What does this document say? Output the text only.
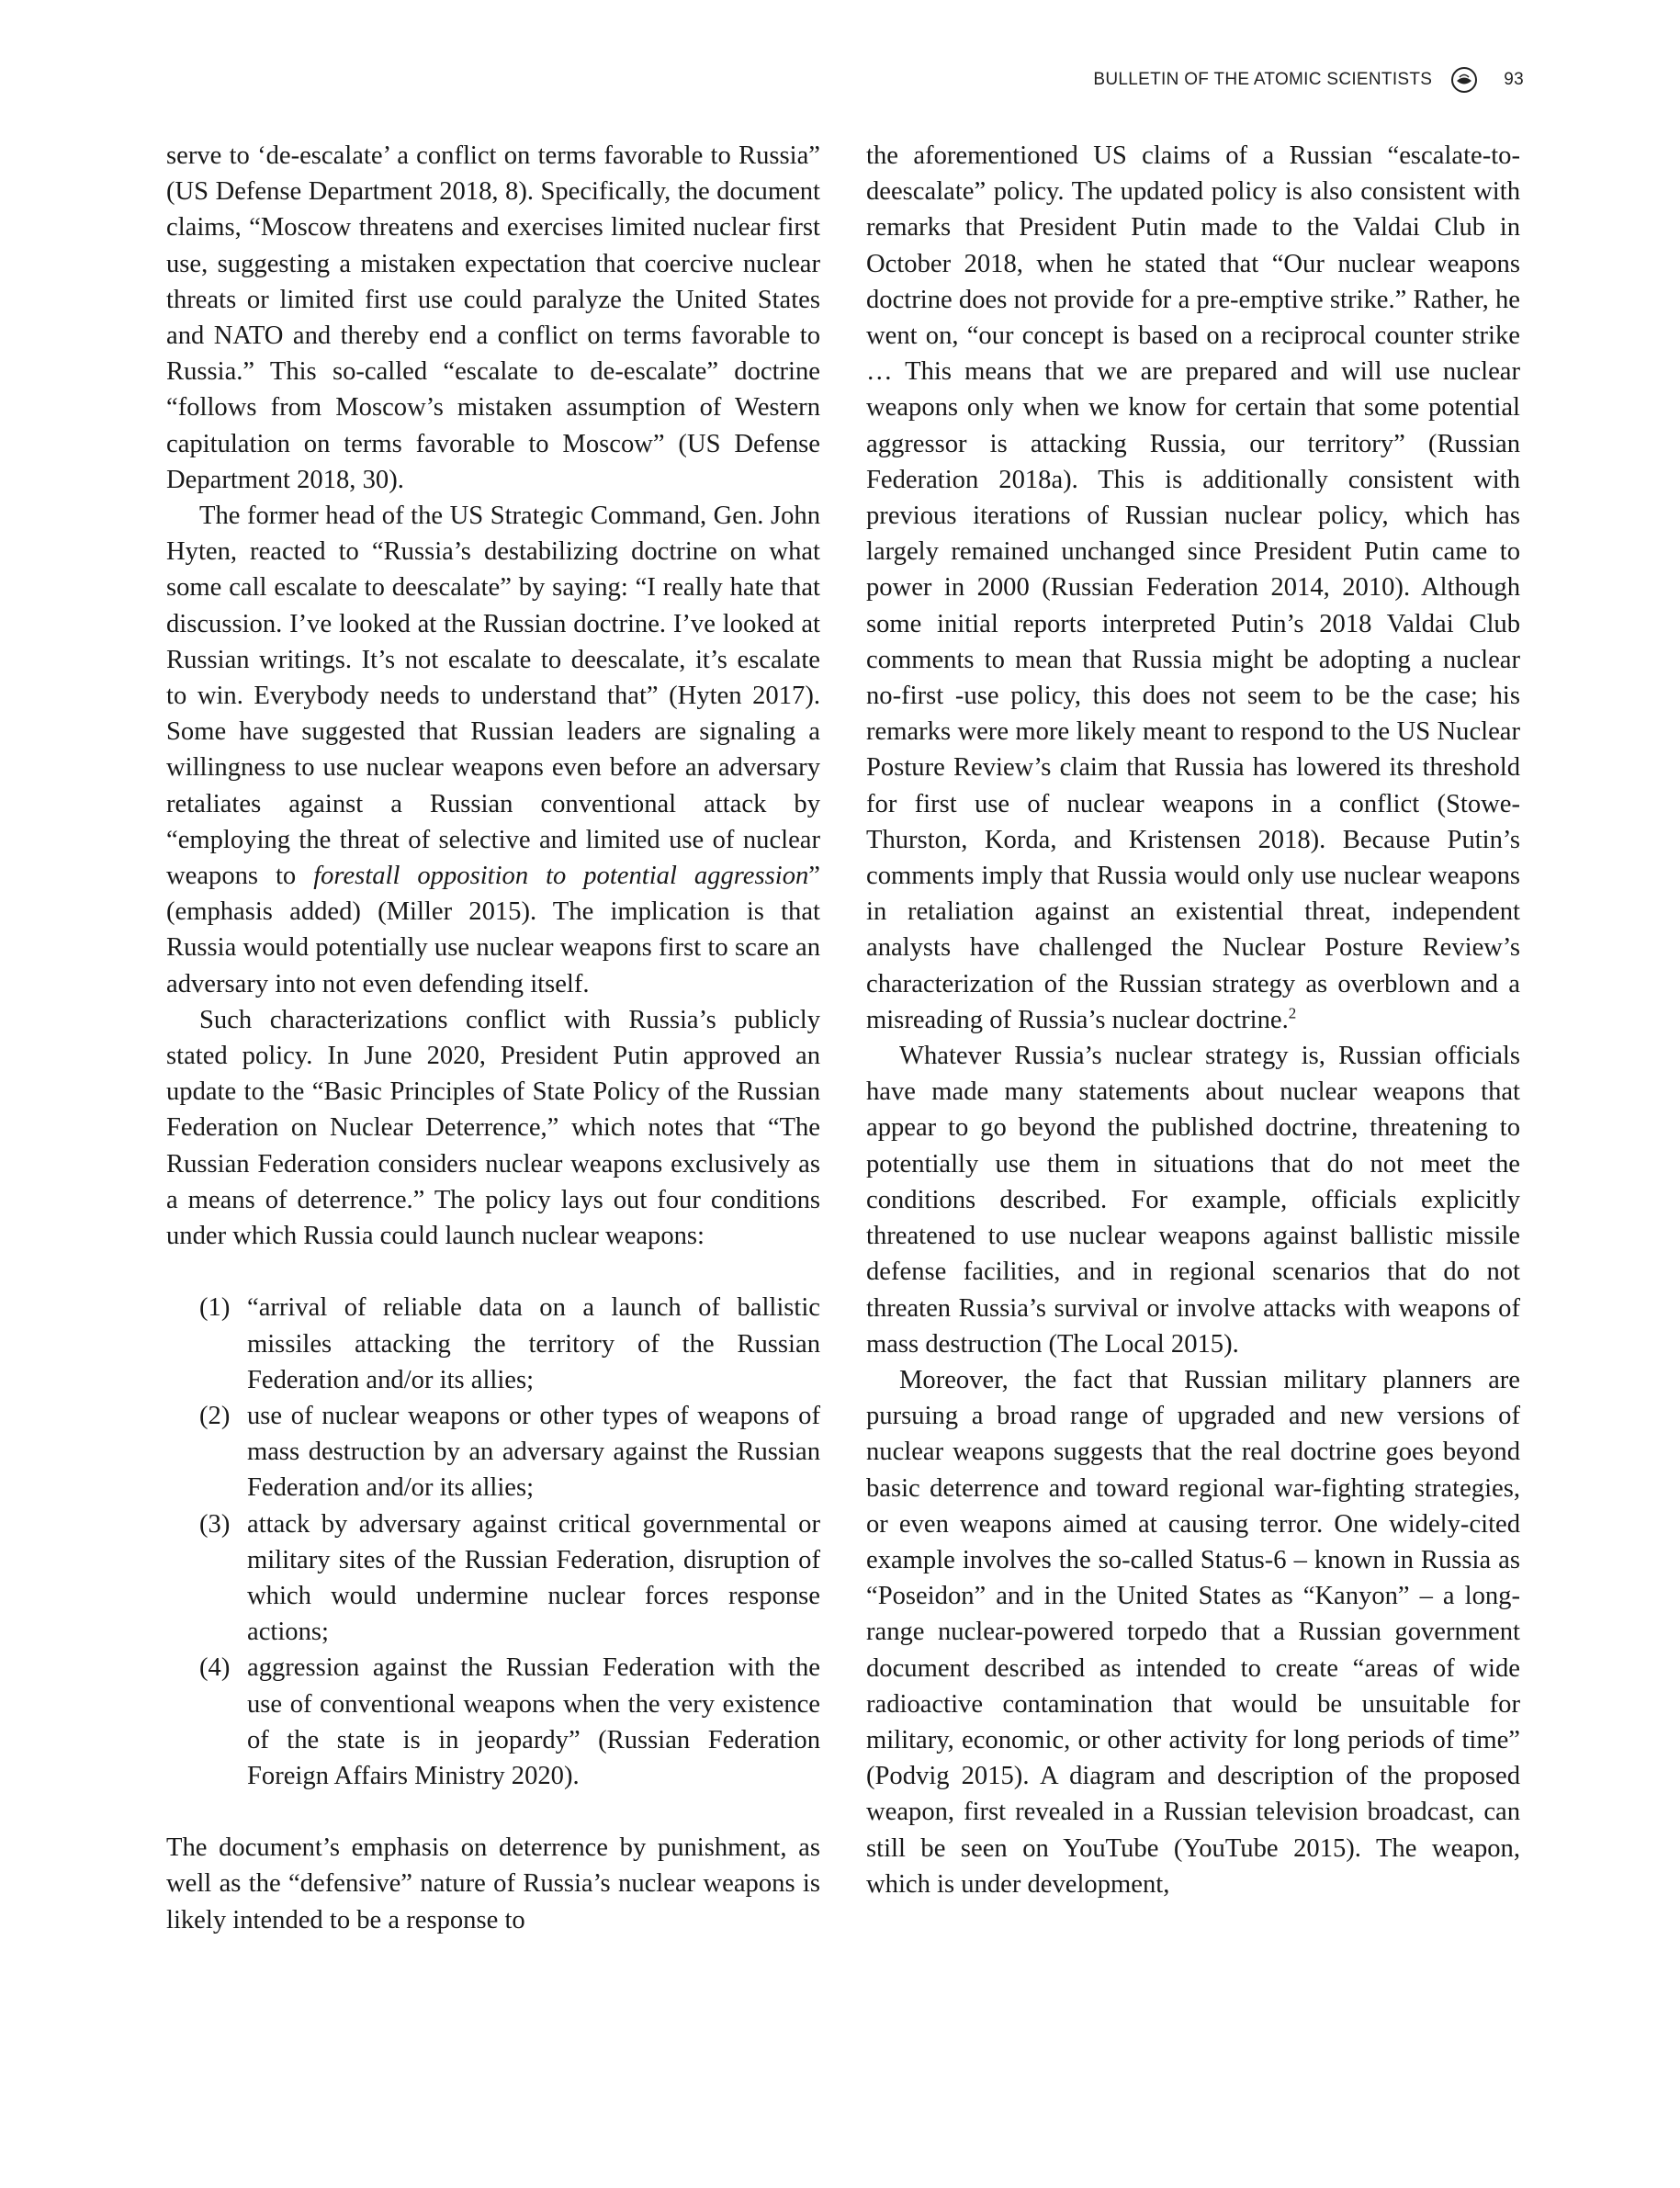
BULLETIN OF THE ATOMIC SCIENTISTS	93

serve to ‘de-escalate’ a conflict on terms favorable to Russia” (US Defense Department 2018, 8). Specifically, the document claims, “Moscow threatens and exercises limited nuclear first use, suggesting a mistaken expectation that coercive nuclear threats or limited first use could paralyze the United States and NATO and thereby end a conflict on terms favorable to Russia.” This so-called “escalate to de-escalate” doctrine “follows from Moscow’s mistaken assumption of Western capitulation on terms favorable to Moscow” (US Defense Department 2018, 30).

The former head of the US Strategic Command, Gen. John Hyten, reacted to “Russia’s destabilizing doctrine on what some call escalate to deescalate” by saying: “I really hate that discussion. I’ve looked at the Russian doctrine. I’ve looked at Russian writings. It’s not escalate to deescalate, it’s escalate to win. Everybody needs to understand that” (Hyten 2017). Some have suggested that Russian leaders are signaling a willingness to use nuclear weapons even before an adversary retaliates against a Russian conventional attack by “employing the threat of selective and limited use of nuclear weapons to forestall opposition to potential aggression” (emphasis added) (Miller 2015). The implication is that Russia would potentially use nuclear weapons first to scare an adversary into not even defending itself.

Such characterizations conflict with Russia’s publicly stated policy. In June 2020, President Putin approved an update to the “Basic Principles of State Policy of the Russian Federation on Nuclear Deterrence,” which notes that “The Russian Federation considers nuclear weapons exclusively as a means of deterrence.” The policy lays out four conditions under which Russia could launch nuclear weapons:

(1) “arrival of reliable data on a launch of ballistic missiles attacking the territory of the Russian Federation and/or its allies;
(2) use of nuclear weapons or other types of weapons of mass destruction by an adversary against the Russian Federation and/or its allies;
(3) attack by adversary against critical governmental or military sites of the Russian Federation, disruption of which would undermine nuclear forces response actions;
(4) aggression against the Russian Federation with the use of conventional weapons when the very existence of the state is in jeopardy” (Russian Federation Foreign Affairs Ministry 2020).

The document’s emphasis on deterrence by punishment, as well as the “defensive” nature of Russia’s nuclear weapons is likely intended to be a response to

the aforementioned US claims of a Russian “escalate-to-deescalate” policy. The updated policy is also consistent with remarks that President Putin made to the Valdai Club in October 2018, when he stated that “Our nuclear weapons doctrine does not provide for a pre-emptive strike.” Rather, he went on, “our concept is based on a reciprocal counter strike … This means that we are prepared and will use nuclear weapons only when we know for certain that some potential aggressor is attacking Russia, our territory” (Russian Federation 2018a). This is additionally consistent with previous iterations of Russian nuclear policy, which has largely remained unchanged since President Putin came to power in 2000 (Russian Federation 2014, 2010). Although some initial reports interpreted Putin’s 2018 Valdai Club comments to mean that Russia might be adopting a nuclear no-first -use policy, this does not seem to be the case; his remarks were more likely meant to respond to the US Nuclear Posture Review’s claim that Russia has lowered its threshold for first use of nuclear weapons in a conflict (Stowe-Thurston, Korda, and Kristensen 2018). Because Putin’s comments imply that Russia would only use nuclear weapons in retaliation against an existential threat, independent analysts have challenged the Nuclear Posture Review’s characterization of the Russian strategy as overblown and a misreading of Russia’s nuclear doctrine.$^2$

Whatever Russia’s nuclear strategy is, Russian officials have made many statements about nuclear weapons that appear to go beyond the published doctrine, threatening to potentially use them in situations that do not meet the conditions described. For example, officials explicitly threatened to use nuclear weapons against ballistic missile defense facilities, and in regional scenarios that do not threaten Russia’s survival or involve attacks with weapons of mass destruction (The Local 2015).

Moreover, the fact that Russian military planners are pursuing a broad range of upgraded and new versions of nuclear weapons suggests that the real doctrine goes beyond basic deterrence and toward regional war-fighting strategies, or even weapons aimed at causing terror. One widely-cited example involves the so-called Status-6 – known in Russia as “Poseidon” and in the United States as “Kanyon” – a long-range nuclear-powered torpedo that a Russian government document described as intended to create “areas of wide radioactive contamination that would be unsuitable for military, economic, or other activity for long periods of time” (Podvig 2015). A diagram and description of the proposed weapon, first revealed in a Russian television broadcast, can still be seen on YouTube (YouTube 2015). The weapon, which is under development,
